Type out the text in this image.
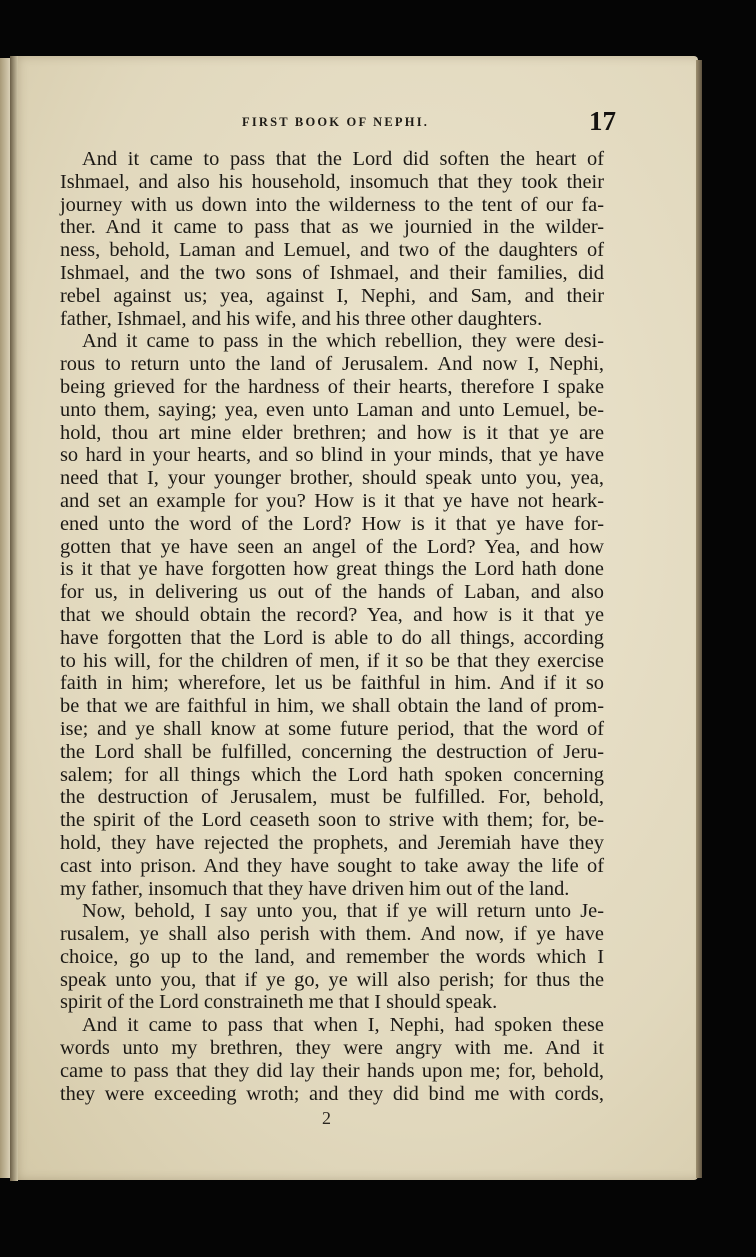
FIRST BOOK OF NEPHI.	17
And it came to pass that the Lord did soften the heart of
Ishmael, and also his household, insomuch that they took their
journey with us down into the wilderness to the tent of our fa-
ther. And it came to pass that as we journied in the wilder-
ness, behold, Laman and Lemuel, and two of the daughters of
Ishmael, and the two sons of Ishmael, and their families, did
rebel against us; yea, against I, Nephi, and Sam, and their
father, Ishmael, and his wife, and his three other daughters.
And it came to pass in the which rebellion, they were desi-
rous to return unto the land of Jerusalem. And now I, Nephi,
being grieved for the hardness of their hearts, therefore I spake
unto them, saying; yea, even unto Laman and unto Lemuel, be-
hold, thou art mine elder brethren; and how is it that ye are
so hard in your hearts, and so blind in your minds, that ye have
need that I, your younger brother, should speak unto you, yea,
and set an example for you? How is it that ye have not heark-
ened unto the word of the Lord? How is it that ye have for-
gotten that ye have seen an angel of the Lord? Yea, and how
is it that ye have forgotten how great things the Lord hath done
for us, in delivering us out of the hands of Laban, and also
that we should obtain the record? Yea, and how is it that ye
have forgotten that the Lord is able to do all things, according
to his will, for the children of men, if it so be that they exercise
faith in him; wherefore, let us be faithful in him. And if it so
be that we are faithful in him, we shall obtain the land of prom-
ise; and ye shall know at some future period, that the word of
the Lord shall be fulfilled, concerning the destruction of Jeru-
salem; for all things which the Lord hath spoken concerning
the destruction of Jerusalem, must be fulfilled. For, behold,
the spirit of the Lord ceaseth soon to strive with them; for, be-
hold, they have rejected the prophets, and Jeremiah have they
cast into prison. And they have sought to take away the life of
my father, insomuch that they have driven him out of the land.
Now, behold, I say unto you, that if ye will return unto Je-
rusalem, ye shall also perish with them. And now, if ye have
choice, go up to the land, and remember the words which I
speak unto you, that if ye go, ye will also perish; for thus the
spirit of the Lord constraineth me that I should speak.
And it came to pass that when I, Nephi, had spoken these
words unto my brethren, they were angry with me. And it
came to pass that they did lay their hands upon me; for, behold,
they were exceeding wroth; and they did bind me with cords,
2
